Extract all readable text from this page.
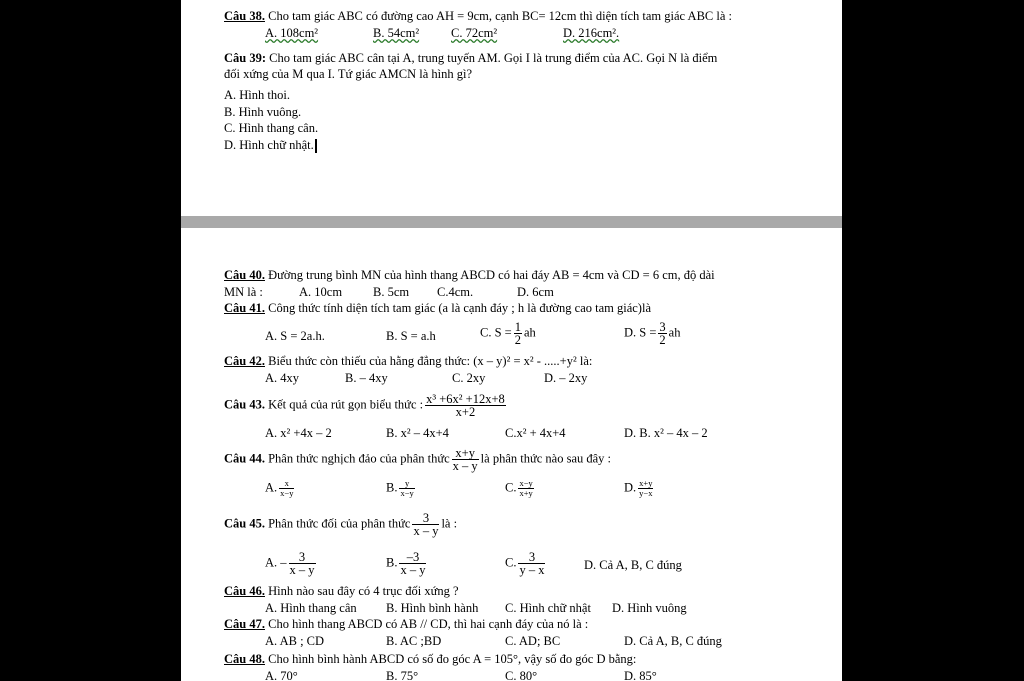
Câu 38. Cho tam giác ABC có đường cao AH = 9cm, cạnh BC= 12cm thì diện tích tam giác ABC là :
A. 108cm²	B. 54cm²	C. 72cm²	D. 216cm².
Câu 39: Cho tam giác ABC cân tại A, trung tuyến AM. Gọi I là trung điểm của AC. Gọi N là điểm
đối xứng của M qua I. Tứ giác AMCN là hình gì?
A. Hình thoi.
B. Hình vuông.
C. Hình thang cân.
D. Hình chữ nhật.
Câu 40. Đường trung bình MN của hình thang ABCD có hai đáy AB = 4cm và CD = 6 cm, độ dài
MN là :	A. 10cm B. 5cm C.4cm.	D. 6cm
Câu 41. Công thức tính diện tích tam giác (a là cạnh đáy ; h là đường cao tam giác)là
A. S = 2a.h.	B. S = a.h	C. $S = \frac{1}{2}$ ah	D. $S = \frac{3}{2}$ ah
Câu 42. Biểu thức còn thiếu của hằng đẳng thức: (x – y)² = x² - .....+y² là:
A. 4xy	B. – 4xy	C. 2xy	D. – 2xy
Câu 43. Kết quả của rút gọn biểu thức : $\frac{\text{x³ +6x² +12x+8}}{x+2}$
A. x² +4x – 2	B. x² – 4x+4	C.x² + 4x+4	D. B. x² – 4x – 2
Câu 44. Phân thức nghịch đảo của phân thức $\frac{x+y}{x - y}$ là phân thức nào sau đây :
A. $\frac{x}{x-y}$	B. $\frac{y}{x-y}$	C. $\frac{x-y}{x+y}$	D. $\frac{x+y}{y-x}$
Câu 45. Phân thức đối của phân thức $\frac{3}{x - y}$ là :
A. – $\frac{3}{x - y}$	B. $\frac{-3}{x - y}$	C. $\frac{3}{y - x}$	D. Cả A, B, C đúng
Câu 46. Hình nào sau đây có 4 trục đối xứng ?
A. Hình thang cân B. Hình bình hành C. Hình chữ nhật D. Hình vuông
Câu 47. Cho hình thang ABCD có AB // CD, thì hai cạnh đáy của nó là :
A. AB ; CD	B. AC ;BD	C. AD; BC	D. Cả A, B, C đúng
Câu 48. Cho hình bình hành ABCD có số đo góc A = 105°, vậy số đo góc D bằng:
A. 70°	B. 75°	C. 80°	D. 85°
